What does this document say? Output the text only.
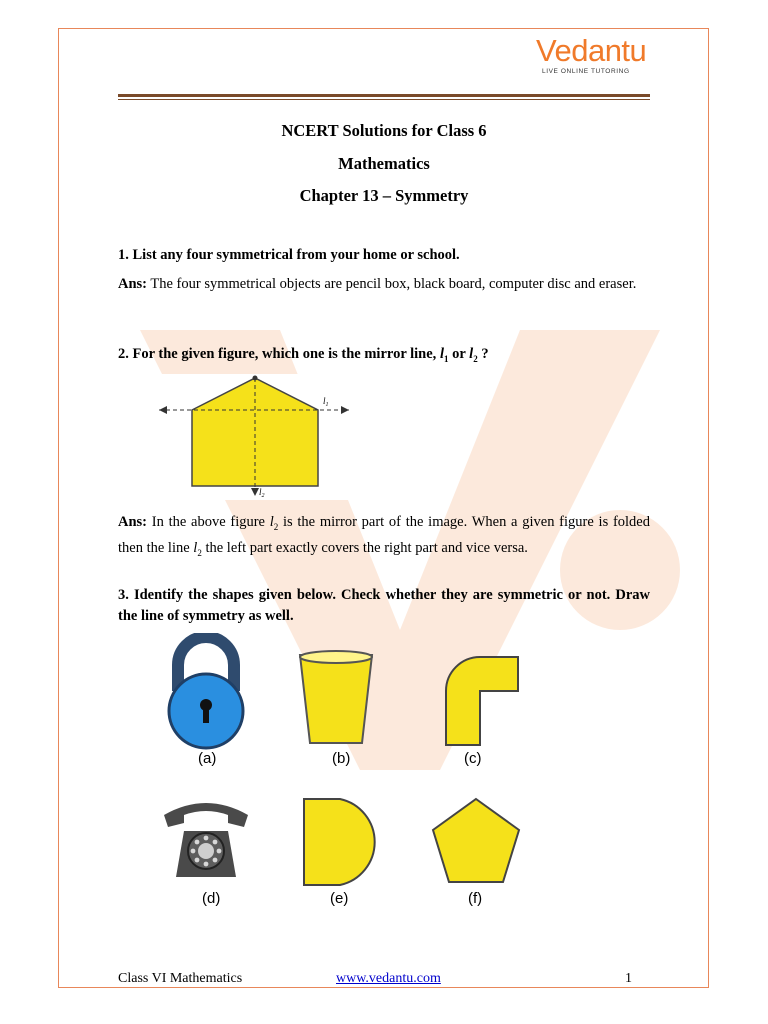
Vedantu
LIVE ONLINE TUTORING
NCERT Solutions for Class 6
Mathematics
Chapter 13 – Symmetry
1. List any four symmetrical from your home or school.
Ans: The four symmetrical objects are pencil box, black board, computer disc and eraser.
2. For the given figure, which one is the mirror line, $l_1$ or $l_2$ ?
$l_1$
$l_2$
Ans: In the above figure $l_2$ is the mirror part of the image. When a given figure is folded then the line $l_2$ the left part exactly covers the right part and vice versa.
3. Identify the shapes given below. Check whether they are symmetric or not. Draw the line of symmetry as well.
(a)	(b)	(c)
(d)	(e)	(f)
Class VI Mathematics	www.vedantu.com	1
